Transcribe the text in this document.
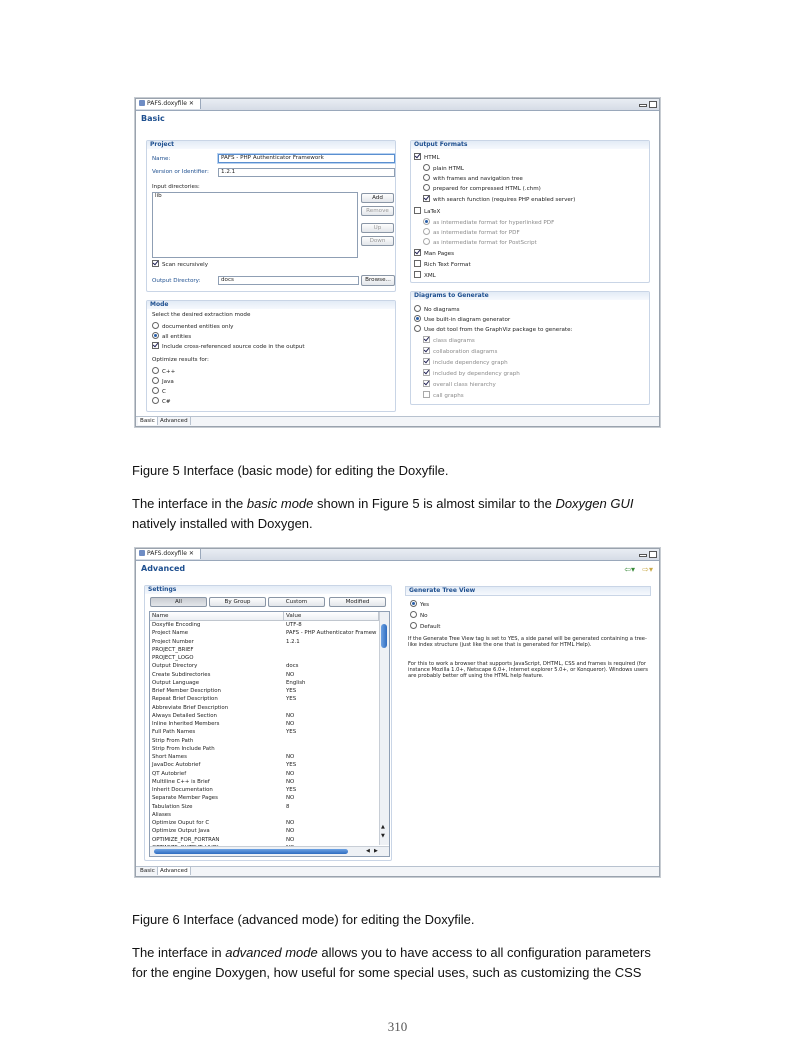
PAFS.doxyfile ✕
Basic
Project
Name:	PAFS - PHP Authenticator Framework
Version or Identifier:	1.2.1
Input directories:
lib	Add
Remove
Up
Down
Scan recursively
Output Directory:	docs	Browse...
Mode
Select the desired extraction mode
documented entities only
all entities
Include cross-referenced source code in the output
Optimize results for:
C++
Java
C
C#
Output Formats
HTML
plain HTML
with frames and navigation tree
prepared for compressed HTML (.chm)
with search function (requires PHP enabled server)
LaTeX
as intermediate format for hyperlinked PDF
as intermediate format for PDF
as intermediate format for PostScript
Man Pages
Rich Text Format
XML
Diagrams to Generate
No diagrams
Use built-in diagram generator
Use dot tool from the GraphViz package to generate:
class diagrams
collaboration diagrams
include dependency graph
included by dependency graph
overall class hierarchy
call graphs
Basic Advanced
Figure 5 Interface (basic mode) for editing the Doxyfile.
The interface in the basic mode shown in Figure 5 is almost similar to the Doxygen GUI natively installed with Doxygen.
PAFS.doxyfile ✕
Advanced	⇦▾ ⇨▾
Settings
All	By Group	Custom	Modified
Name	Value
Doxyfile Encoding	UTF-8
Project Name	PAFS - PHP Authenticator Framew
Project Number	1.2.1
PROJECT_BRIEF
PROJECT_LOGO
Output Directory	docs
Create Subdirectories	NO
Output Language	English
Brief Member Description	YES
Repeat Brief Description	YES
Abbreviate Brief Description
Always Detailed Section	NO
Inline Inherited Members	NO
Full Path Names	YES
Strip From Path
Strip From Include Path
Short Names	NO
JavaDoc Autobrief	YES
QT Autobrief	NO
Multiline C++ is Brief	NO
Inherit Documentation	YES
Separate Member Pages	NO
Tabulation Size	8
Aliases
Optimize Ouput for C	NO
Optimize Output Java	NO
OPTIMIZE_FOR_FORTRAN	NO
▲
▼
◀ ▶
Generate Tree View
Yes
No
Default
If the Generate Tree View tag is set to YES, a side panel will be generated containing a tree-like index structure (just like the one that is generated for HTML Help).
For this to work a browser that supports JavaScript, DHTML, CSS and frames is required (for instance Mozilla 1.0+, Netscape 6.0+, Internet explorer 5.0+, or Konqueror). Windows users are probably better off using the HTML help feature.
Basic Advanced
Figure 6 Interface (advanced mode) for editing the Doxyfile.
The interface in advanced mode allows you to have access to all configuration parameters for the engine Doxygen, how useful for some special uses, such as customizing the CSS
310
